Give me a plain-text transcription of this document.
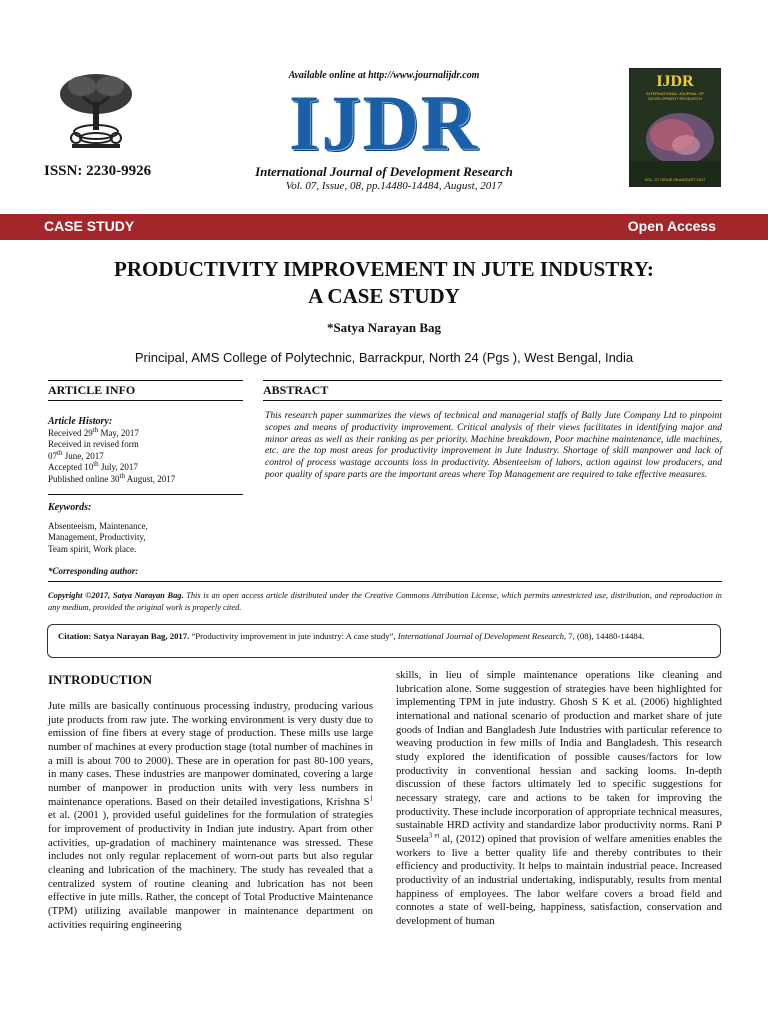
ISSN: 2230-9926
Available online at http://www.journalijdr.com
IJDR
International Journal of Development Research
Vol. 07, Issue, 08, pp.14480-14484, August, 2017
IJDR
INTERNATIONAL JOURNAL OF DEVELOPMENT RESEARCH
VOL. 07 ISSUE 08 AUGUST 2017
CASE STUDY	Open Access
PRODUCTIVITY IMPROVEMENT IN JUTE INDUSTRY:
A CASE STUDY
*Satya Narayan Bag
Principal, AMS College of Polytechnic, Barrackpur, North 24 (Pgs ), West Bengal, India
ARTICLE INFO	ABSTRACT
Article History:
Received 29th May, 2017
Received in revised form
07th June, 2017
Accepted 10th July, 2017
Published online 30th August, 2017
Keywords:
Absenteeism, Maintenance,
Management, Productivity,
Team spirit, Work place.
*Corresponding author:
This research paper summarizes the views of technical and managerial staffs of Bally Jute Company Ltd to pinpoint scopes and means of productivity improvement. Critical analysis of their views facilitates in identifying major and minor areas as well as their ranking as per priority. Machine breakdown, Poor machine maintenance, idle machines, etc. are the top most areas for productivity improvement in Jute Industry. Shortage of skill manpower and lack of control of process wastage accounts loss in productivity. Absenteeism of labors, action against low producers, and poor quality of spare parts are the important areas where Top Management are required to take effective measures.
Copyright ©2017, Satya Narayan Bag. This is an open access article distributed under the Creative Commons Attribution License, which permits unrestricted use, distribution, and reproduction in any medium, provided the original work is properly cited.
Citation: Satya Narayan Bag, 2017. “Productivity improvement in jute industry: A case study”, International Journal of Development Research, 7, (08), 14480-14484.
INTRODUCTION
Jute mills are basically continuous processing industry, producing various jute products from raw jute. The working environment is very dusty due to emission of fine fibers at every stage of production. These mills use large number of machines at every production stage (total number of machines in a mill is about 700 to 2000). These are in operation for past 80-100 years, in many cases. These industries are manpower dominated, covering a large number of manpower in production units with very less numbers in maintenance operations. Based on their detailed investigations, Krishna $S^1$ et al. (2001 ), provided useful guidelines for the formulation of strategies for improvement of productivity in Indian jute industry. Apart from other activities, up-gradation of machinery maintenance was stressed. These includes not only regular replacement of worn-out parts but also regular cleaning and lubrication of the machinery. The study has revealed that a centralized system of routine cleaning and lubrication has not been effective in jute mills. Rather, the concept of Total Productive Maintenance (TPM) utilizing available manpower in maintenance department on activities requiring engineering
skills, in lieu of simple maintenance operations like cleaning and lubrication alone. Some suggestion of strategies have been highlighted for implementing TPM in jute industry. Ghosh S K et al. (2006) highlighted international and national scenario of production and market share of jute goods of Indian and Bangladesh Jute Industries with particular reference to weaving production in few mills of India and Bangladesh. This research study explored the identification of possible causes/factors for low productivity in conventional hessian and sacking looms. In-depth discussion of these factors ultimately led to specific suggestions for necessary strategy, care and actions to be taken for improving the productivity. These include incorporation of appropriate technical measures, sustainable HRD activity and standardize labor productivity norms. Rani P Suseela$^{3 et}$ al, (2012) opined that provision of welfare amenities enables the workers to live a better quality life and thereby contributes to their efficiency and productivity. It helps to maintain industrial peace. Increased productivity of an industrial undertaking, indisputably, results from mental happiness of employees. The labor welfare covers a broad field and connotes a state of well-being, happiness, satisfaction, conservation and development of human
